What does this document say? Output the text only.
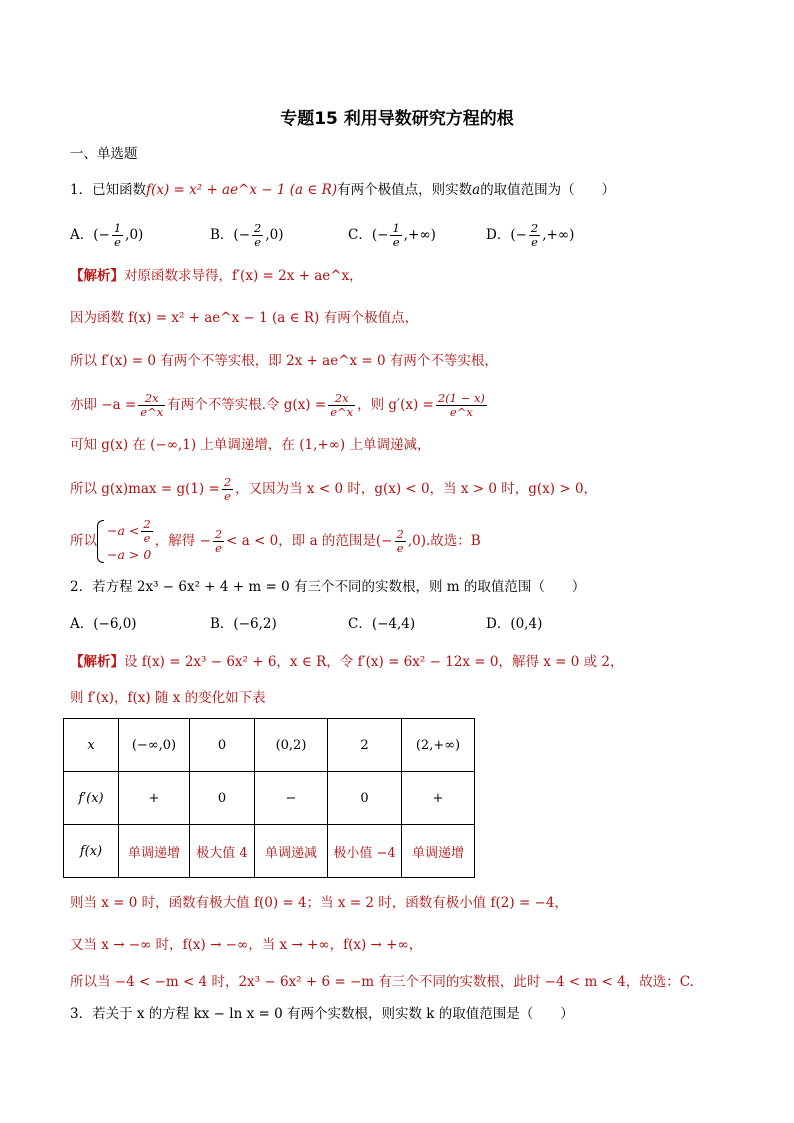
专题15 利用导数研究方程的根
一、单选题
1．已知函数f(x) = x² + ae^x − 1 (a ∈ R)有两个极值点，则实数a的取值范围为（　　）
A．(− $\frac{1}{e} ,0$)	B．(− $\frac{2}{e} ,0$)	C．(− $\frac{1}{e}$ ,+∞)	D．(− $\frac{2}{e}$ ,+∞)
【解析】对原函数求导得，f′(x) = 2x + ae^x，
因为函数 f(x) = x² + ae^x − 1 (a ∈ R) 有两个极值点，
所以 f′(x) = 0 有两个不等实根，即 2x + ae^x = 0 有两个不等实根，
亦即 $-a = \frac{2x}{e\^{}x}$ 有两个不等实根.令 $g(x) = \frac{2x}{e\^{}x}$ ，则 $g'(x) = \frac{2(1 - x)}{e\^{}x}$
可知 g(x) 在 (−∞,1) 上单调递增，在 (1,+∞) 上单调递减，
所以 $g(x)\max = g(1) = \frac{2}{e}$ ，又因为当 x < 0 时，g(x) < 0，当 x > 0 时，g(x) > 0，
所以
$-a < \frac{2}{e}$
−a > 0
，解得 − $\frac{2}{e} < a < 0$，即 a 的范围是(− $\frac{2}{e} ,0$).故选：B
2．若方程 2x³ − 6x² + 4 + m = 0 有三个不同的实数根，则 m 的取值范围（　　）
A．(−6,0)	B．(−6,2)	C．(−4,4)	D．(0,4)
【解析】设 f(x) = 2x³ − 6x² + 6，x ∈ R，令 f′(x) = 6x² − 12x = 0，解得 x = 0 或 2，
则 f′(x)，f(x) 随 x 的变化如下表
x	(−∞,0)	0	(0,2)	2	(2,+∞)
f′(x)	+	0	−	0	+
f(x)	单调递增	极大值 4	单调递减	极小值 −4	单调递增
则当 x = 0 时，函数有极大值 f(0) = 4；当 x = 2 时，函数有极小值 f(2) = −4，
又当 x → −∞ 时，f(x) → −∞，当 x → +∞，f(x) → +∞，
所以当 −4 < −m < 4 时，2x³ − 6x² + 6 = −m 有三个不同的实数根，此时 −4 < m < 4，故选：C.
3．若关于 x 的方程 kx − ln x = 0 有两个实数根，则实数 k 的取值范围是（　　）
